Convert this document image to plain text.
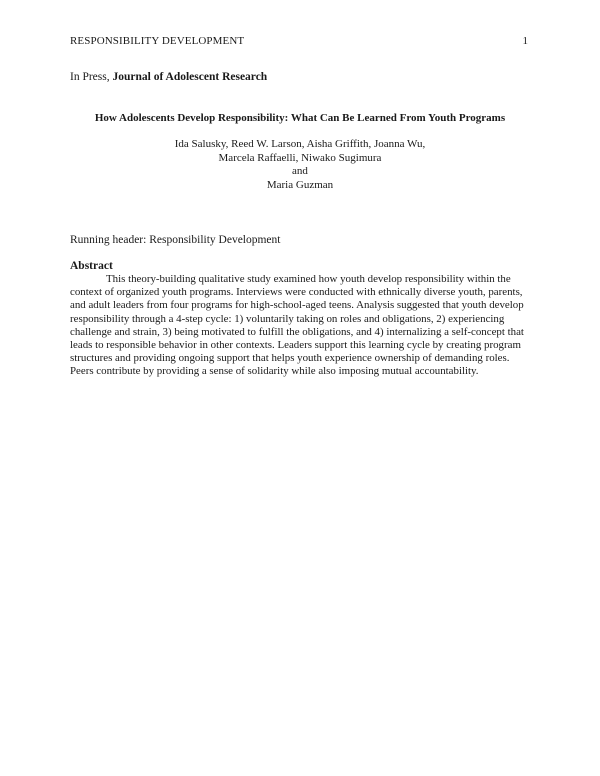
RESPONSIBILITY DEVELOPMENT	1
In Press, Journal of Adolescent Research
How Adolescents Develop Responsibility: What Can Be Learned From Youth Programs
Ida Salusky, Reed W. Larson, Aisha Griffith, Joanna Wu,
Marcela Raffaelli, Niwako Sugimura
and
Maria Guzman
Running header: Responsibility Development
Abstract
This theory-building qualitative study examined how youth develop responsibility within the context of organized youth programs. Interviews were conducted with ethnically diverse youth, parents, and adult leaders from four programs for high-school-aged teens. Analysis suggested that youth develop responsibility through a 4-step cycle: 1) voluntarily taking on roles and obligations, 2) experiencing challenge and strain, 3) being motivated to fulfill the obligations, and 4) internalizing a self-concept that leads to responsible behavior in other contexts. Leaders support this learning cycle by creating program structures and providing ongoing support that helps youth experience ownership of demanding roles. Peers contribute by providing a sense of solidarity while also imposing mutual accountability.
